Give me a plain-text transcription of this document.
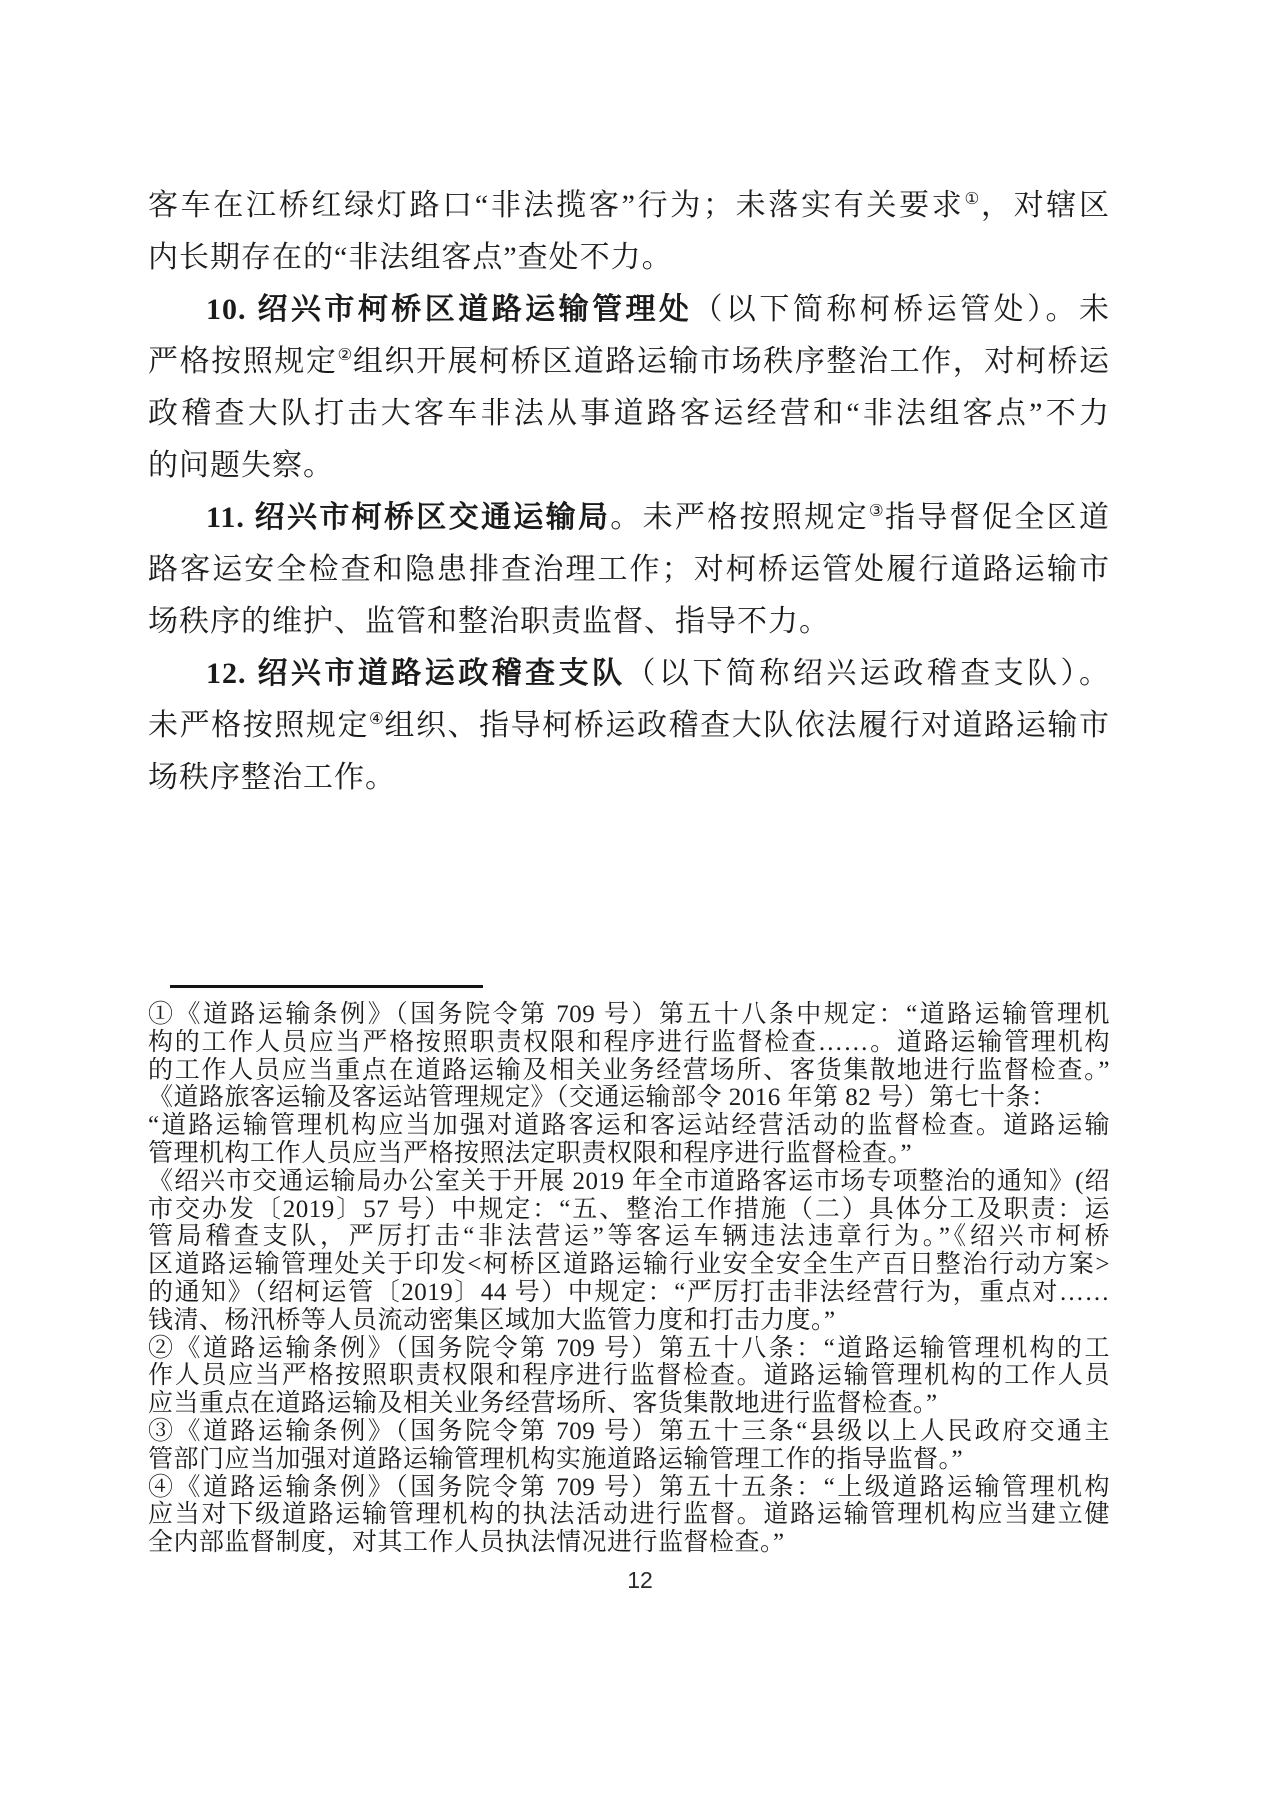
客车在江桥红绿灯路口“非法揽客”行为；未落实有关要求①，对辖区
内长期存在的“非法组客点”查处不力。
10. 绍兴市柯桥区道路运输管理处（以下简称柯桥运管处）。未
严格按照规定②组织开展柯桥区道路运输市场秩序整治工作，对柯桥运
政稽查大队打击大客车非法从事道路客运经营和“非法组客点”不力
的问题失察。
11. 绍兴市柯桥区交通运输局。未严格按照规定③指导督促全区道
路客运安全检查和隐患排查治理工作；对柯桥运管处履行道路运输市
场秩序的维护、监管和整治职责监督、指导不力。
12. 绍兴市道路运政稽查支队（以下简称绍兴运政稽查支队）。
未严格按照规定④组织、指导柯桥运政稽查大队依法履行对道路运输市
场秩序整治工作。
①《道路运输条例》（国务院令第 709 号）第五十八条中规定：“道路运输管理机
构的工作人员应当严格按照职责权限和程序进行监督检查……。道路运输管理机构
的工作人员应当重点在道路运输及相关业务经营场所、客货集散地进行监督检查。”
《道路旅客运输及客运站管理规定》（交通运输部令 2016 年第 82 号）第七十条：
“道路运输管理机构应当加强对道路客运和客运站经营活动的监督检查。道路运输
管理机构工作人员应当严格按照法定职责权限和程序进行监督检查。”
《绍兴市交通运输局办公室关于开展 2019 年全市道路客运市场专项整治的通知》(绍
市交办发〔2019〕57 号）中规定：“五、整治工作措施（二）具体分工及职责：运
管局稽查支队，严厉打击“非法营运”等客运车辆违法违章行为。”《绍兴市柯桥
区道路运输管理处关于印发<柯桥区道路运输行业安全安全生产百日整治行动方案>
的通知》（绍柯运管〔2019〕44 号）中规定：“严厉打击非法经营行为，重点对……
钱清、杨汛桥等人员流动密集区域加大监管力度和打击力度。”
②《道路运输条例》（国务院令第 709 号）第五十八条：“道路运输管理机构的工
作人员应当严格按照职责权限和程序进行监督检查。道路运输管理机构的工作人员
应当重点在道路运输及相关业务经营场所、客货集散地进行监督检查。”
③《道路运输条例》（国务院令第 709 号）第五十三条“县级以上人民政府交通主
管部门应当加强对道路运输管理机构实施道路运输管理工作的指导监督。”
④《道路运输条例》（国务院令第 709 号）第五十五条：“上级道路运输管理机构
应当对下级道路运输管理机构的执法活动进行监督。道路运输管理机构应当建立健
全内部监督制度，对其工作人员执法情况进行监督检查。”
12
